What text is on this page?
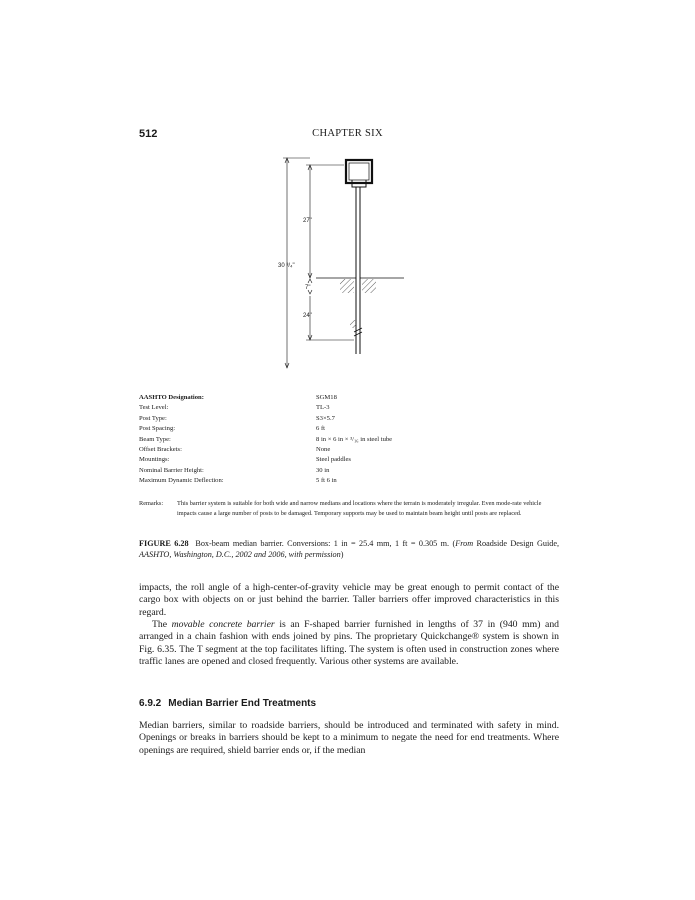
512	CHAPTER SIX
30 ³/₄"
27"
7"
24"
AASHTO Designation:	SGM18
Test Level:	TL-3
Post Type:	S3×5.7
Post Spacing:	6 ft
Beam Type:	8 in × 6 in × ³/₁₆ in steel tube
Offset Brackets:	None
Mountings:	Steel paddles
Nominal Barrier Height:	30 in
Maximum Dynamic Deflection:	5 ft 6 in
Remarks: This barrier system is suitable for both wide and narrow medians and locations where the terrain is moderately irregular. Even mode-rate vehicle impacts cause a large number of posts to be damaged. Temporary supports may be used to maintain beam height until posts are replaced.
FIGURE 6.28 Box-beam median barrier. Conversions: 1 in = 25.4 mm, 1 ft = 0.305 m. (From Roadside Design Guide, AASHTO, Washington, D.C., 2002 and 2006, with permission)

impacts, the roll angle of a high-center-of-gravity vehicle may be great enough to permit contact of the cargo box with objects on or just behind the barrier. Taller barriers offer improved characteristics in this regard.

The movable concrete barrier is an F-shaped barrier furnished in lengths of 37 in (940 mm) and arranged in a chain fashion with ends joined by pins. The proprietary Quickchange® system is shown in Fig. 6.35. The T segment at the top facilitates lifting. The system is often used in construction zones where traffic lanes are opened and closed frequently. Various other systems are available.

6.9.2 Median Barrier End Treatments

Median barriers, similar to roadside barriers, should be introduced and terminated with safety in mind. Openings or breaks in barriers should be kept to a minimum to negate the need for end treatments. Where openings are required, shield barrier ends or, if the median
